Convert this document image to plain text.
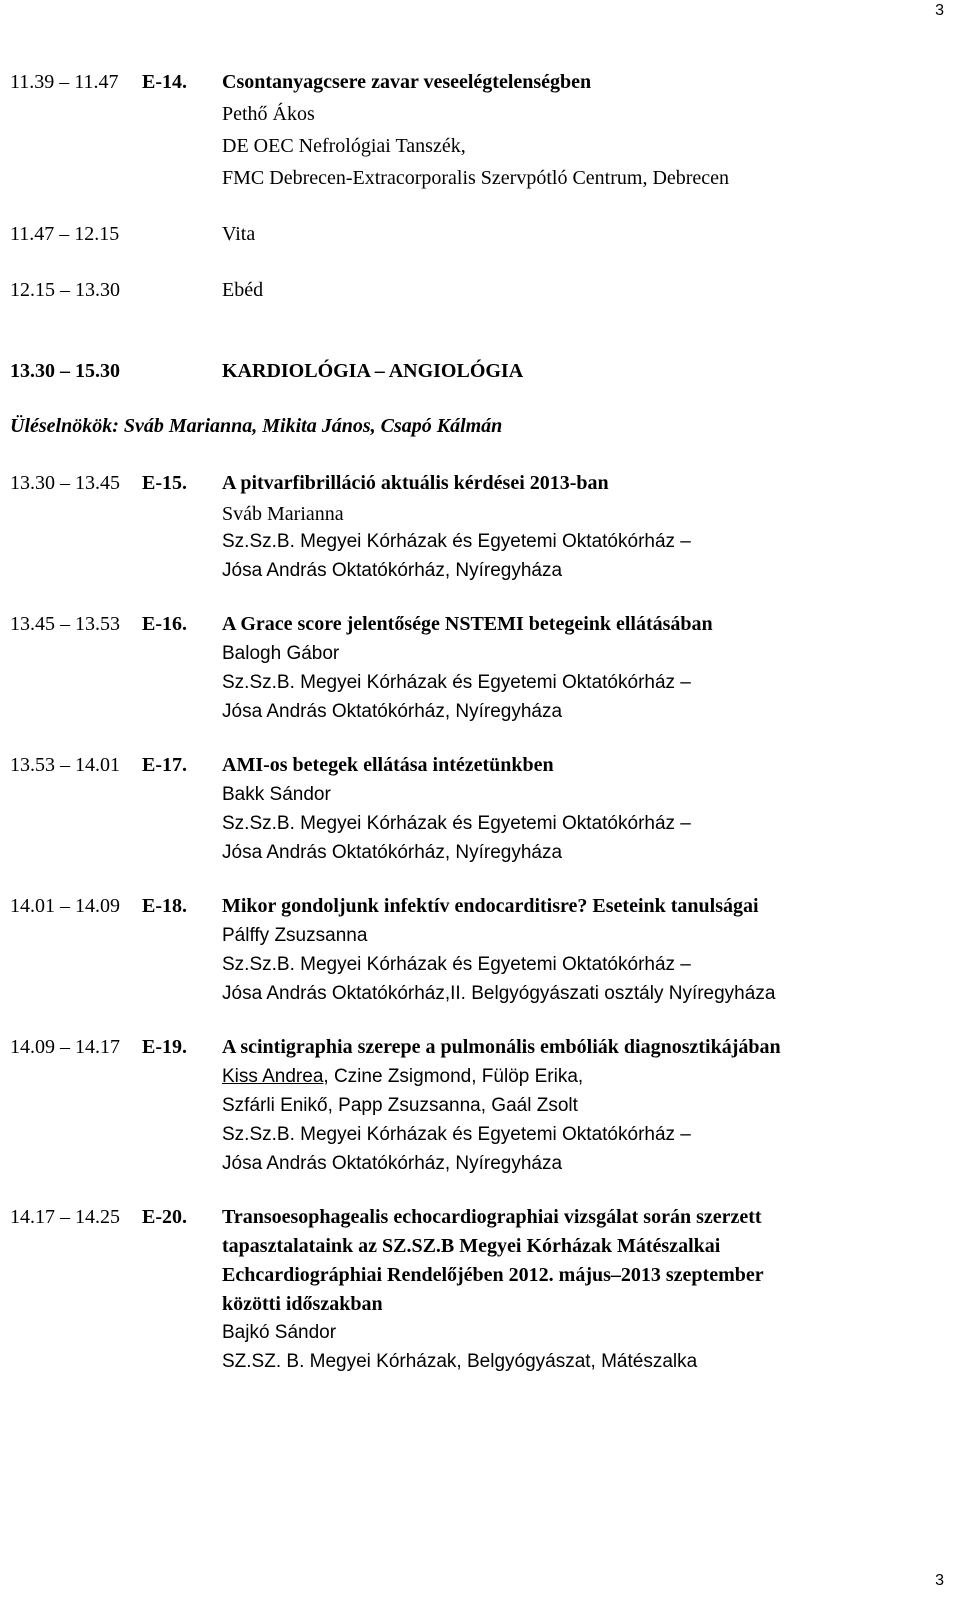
3
11.39 – 11.47 E-14. Csontanyagcsere zavar veseelégtelenségben
Pethő Ákos
DE OEC Nefrológiai Tanszék,
FMC Debrecen-Extracorporalis Szervpótló Centrum, Debrecen
11.47 – 12.15	Vita
12.15 – 13.30	Ebéd
13.30 – 15.30	KARDIOLÓGIA – ANGIOLÓGIA
Üléselnökök: Sváb Marianna, Mikita János, Csapó Kálmán
13.30 – 13.45 E-15. A pitvarfibrilláció aktuális kérdései 2013-ban
Sváb Marianna
Sz.Sz.B. Megyei Kórházak és Egyetemi Oktatókórház –
Jósa András Oktatókórház, Nyíregyháza
13.45 – 13.53 E-16. A Grace score jelentősége NSTEMI betegeink ellátásában
Balogh Gábor
Sz.Sz.B. Megyei Kórházak és Egyetemi Oktatókórház –
Jósa András Oktatókórház, Nyíregyháza
13.53 – 14.01 E-17. AMI-os betegek ellátása intézetünkben
Bakk Sándor
Sz.Sz.B. Megyei Kórházak és Egyetemi Oktatókórház –
Jósa András Oktatókórház, Nyíregyháza
14.01 – 14.09 E-18. Mikor gondoljunk infektív endocarditisre? Eseteink tanulságai
Pálffy Zsuzsanna
Sz.Sz.B. Megyei Kórházak és Egyetemi Oktatókórház –
Jósa András Oktatókórház,II. Belgyógyászati osztály Nyíregyháza
14.09 – 14.17 E-19. A scintigraphia szerepe a pulmonális embóliák diagnosztikájában
Kiss Andrea, Czine Zsigmond, Fülöp Erika,
Szfárli Enikő, Papp Zsuzsanna, Gaál Zsolt
Sz.Sz.B. Megyei Kórházak és Egyetemi Oktatókórház –
Jósa András Oktatókórház, Nyíregyháza
14.17 – 14.25 E-20. Transoesophagealis echocardiographiai vizsgálat során szerzett
tapasztalataink az SZ.SZ.B Megyei Kórházak Mátészalkai
Echcardiográphiai Rendelőjében 2012. május–2013 szeptember
közötti időszakban
Bajkó Sándor
SZ.SZ. B. Megyei Kórházak, Belgyógyászat, Mátészalka
3
